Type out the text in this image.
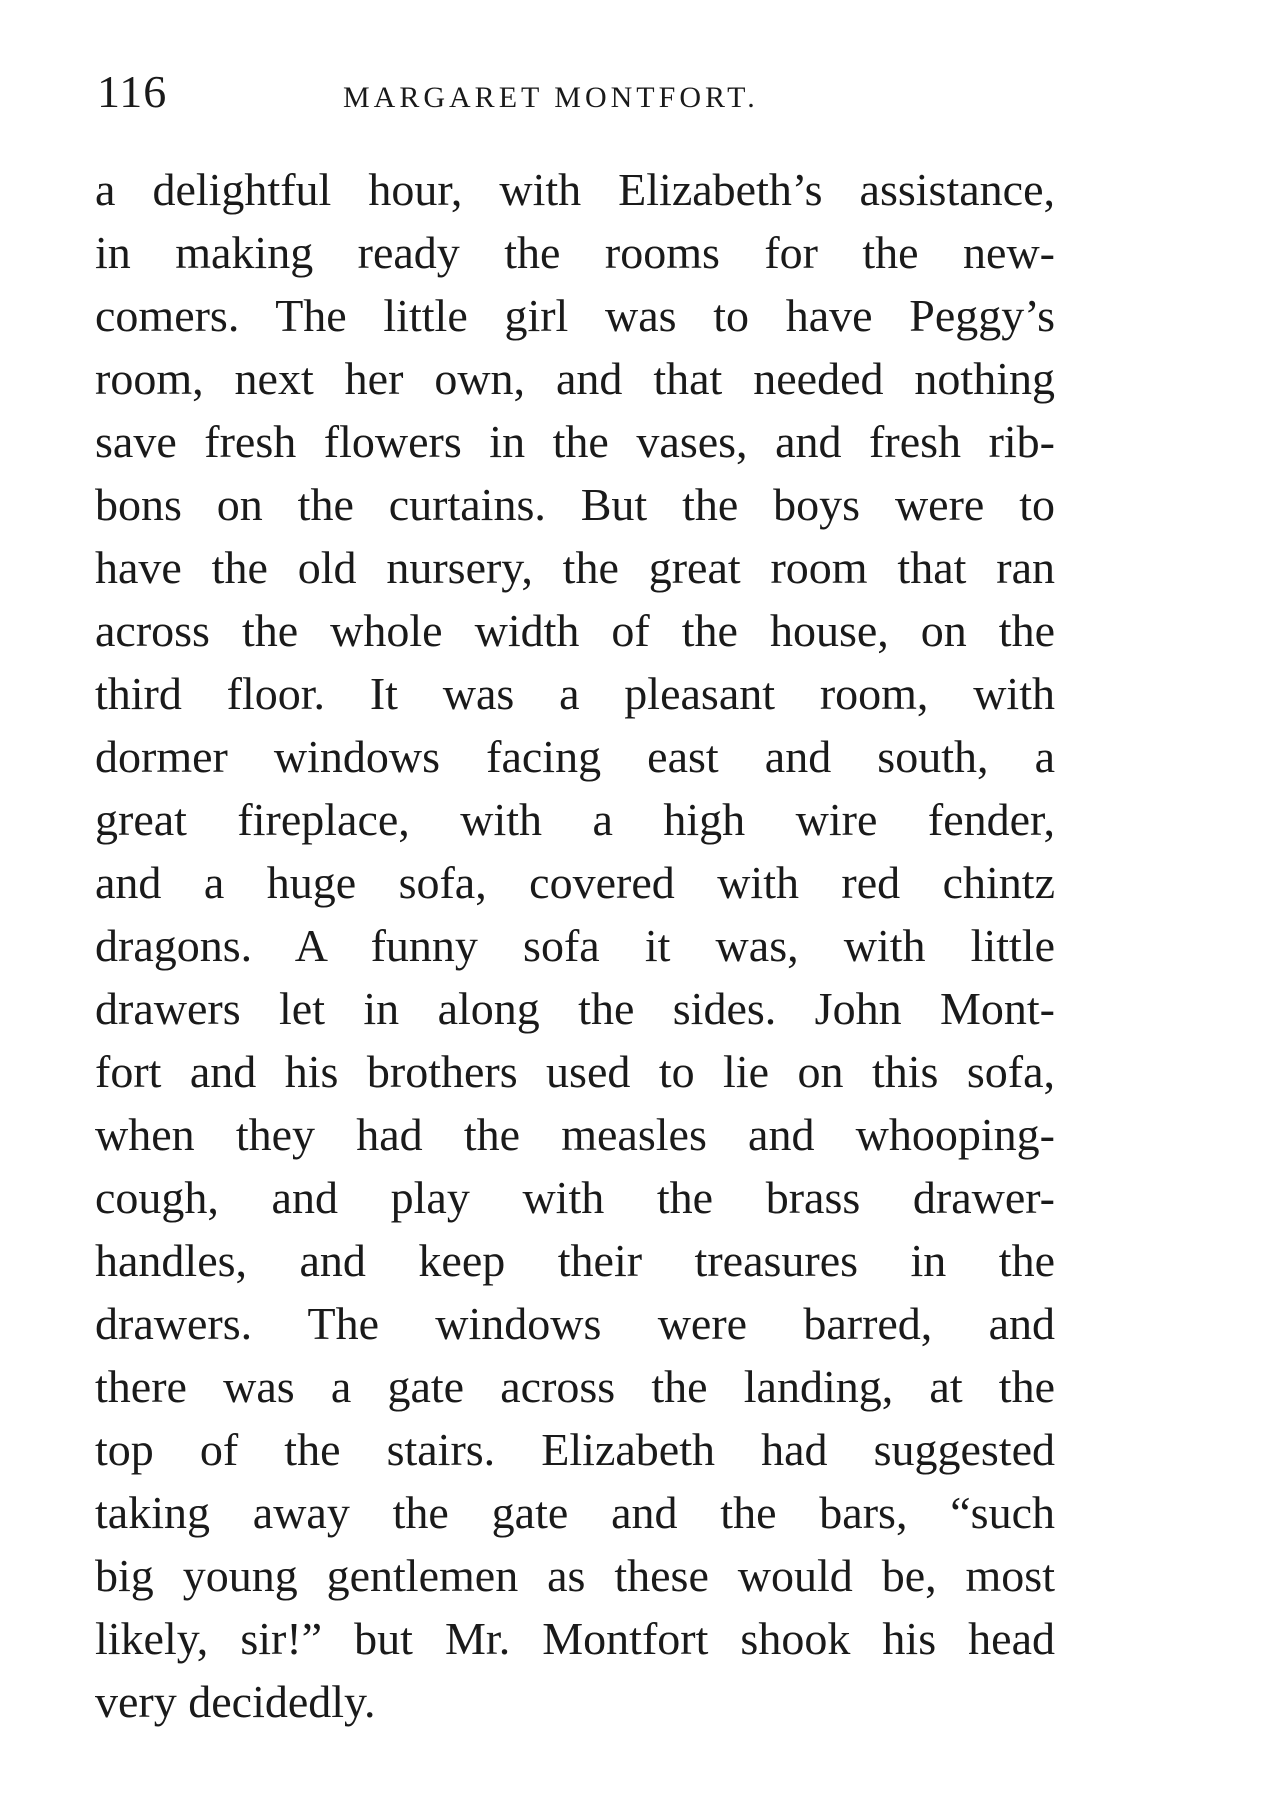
116	MARGARET MONTFORT.
a delightful hour, with Elizabeth’s assistance,
in making ready the rooms for the new-
comers. The little girl was to have Peggy’s
room, next her own, and that needed nothing
save fresh flowers in the vases, and fresh rib-
bons on the curtains. But the boys were to
have the old nursery, the great room that ran
across the whole width of the house, on the
third floor. It was a pleasant room, with
dormer windows facing east and south, a
great fireplace, with a high wire fender,
and a huge sofa, covered with red chintz
dragons. A funny sofa it was, with little
drawers let in along the sides. John Mont-
fort and his brothers used to lie on this sofa,
when they had the measles and whooping-
cough, and play with the brass drawer-
handles, and keep their treasures in the
drawers. The windows were barred, and
there was a gate across the landing, at the
top of the stairs. Elizabeth had suggested
taking away the gate and the bars, “such
big young gentlemen as these would be, most
likely, sir!” but Mr. Montfort shook his head
very decidedly.
